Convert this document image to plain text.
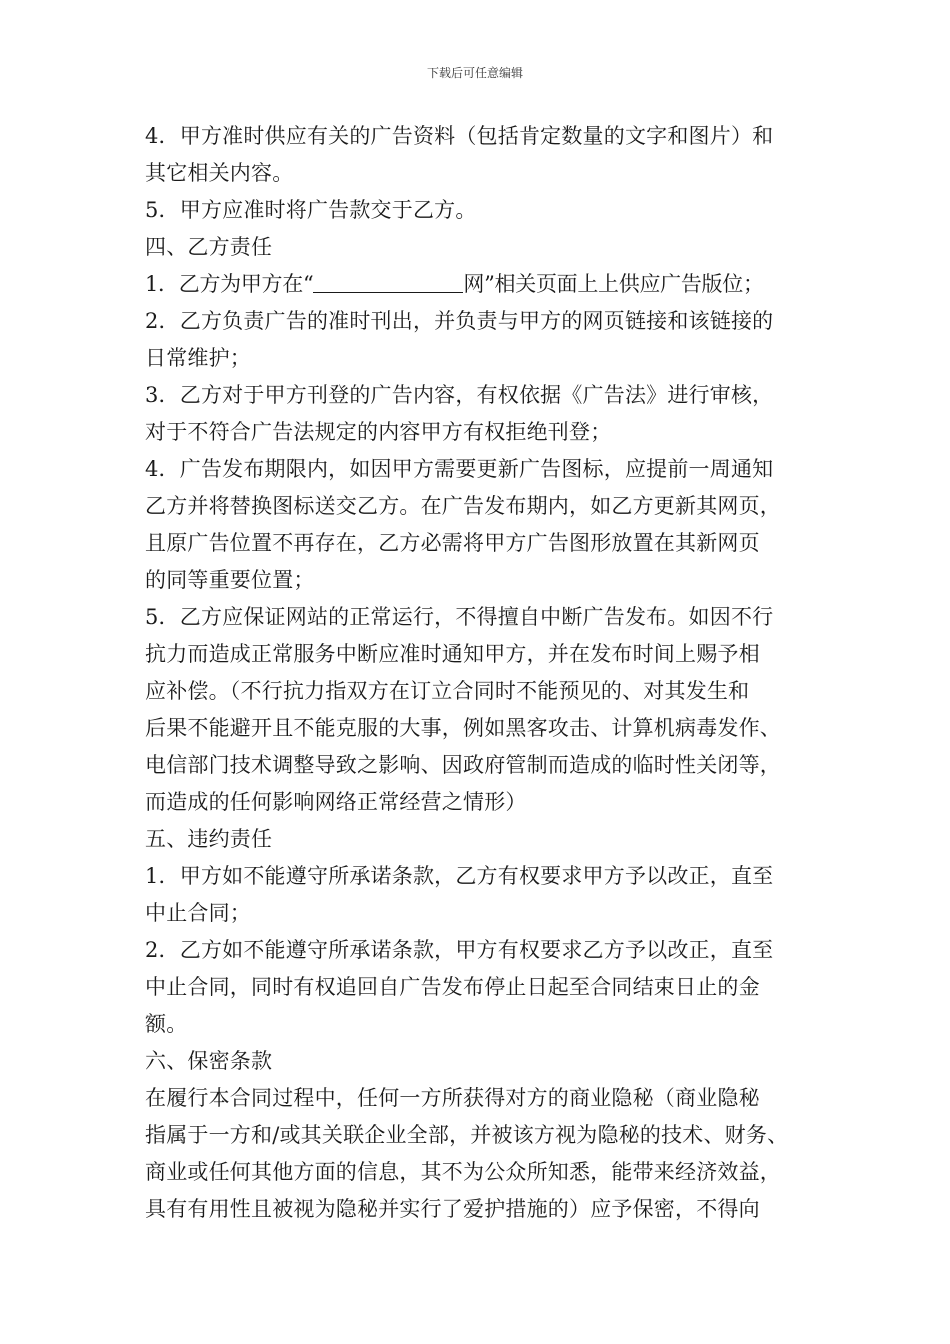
下载后可任意编辑
4．甲方准时供应有关的广告资料（包括肯定数量的文字和图片）和
其它相关内容。
5．甲方应准时将广告款交于乙方。
四、乙方责任
1．乙方为甲方在“	网”相关页面上上供应广告版位；
2．乙方负责广告的准时刊出，并负责与甲方的网页链接和该链接的
日常维护；
3．乙方对于甲方刊登的广告内容，有权依据《广告法》进行审核，
对于不符合广告法规定的内容甲方有权拒绝刊登；
4．广告发布期限内，如因甲方需要更新广告图标，应提前一周通知
乙方并将替换图标送交乙方。在广告发布期内，如乙方更新其网页，
且原广告位置不再存在，乙方必需将甲方广告图形放置在其新网页
的同等重要位置；
5．乙方应保证网站的正常运行，不得擅自中断广告发布。如因不行
抗力而造成正常服务中断应准时通知甲方，并在发布时间上赐予相
应补偿。（不行抗力指双方在订立合同时不能预见的、对其发生和
后果不能避开且不能克服的大事，例如黑客攻击、计算机病毒发作、
电信部门技术调整导致之影响、因政府管制而造成的临时性关闭等，
而造成的任何影响网络正常经营之情形）
五、违约责任
1．甲方如不能遵守所承诺条款，乙方有权要求甲方予以改正，直至
中止合同；
2．乙方如不能遵守所承诺条款，甲方有权要求乙方予以改正，直至
中止合同，同时有权追回自广告发布停止日起至合同结束日止的金
额。
六、保密条款
在履行本合同过程中，任何一方所获得对方的商业隐秘（商业隐秘
指属于一方和/或其关联企业全部，并被该方视为隐秘的技术、财务、
商业或任何其他方面的信息，其不为公众所知悉，能带来经济效益，
具有有用性且被视为隐秘并实行了爱护措施的）应予保密，不得向
